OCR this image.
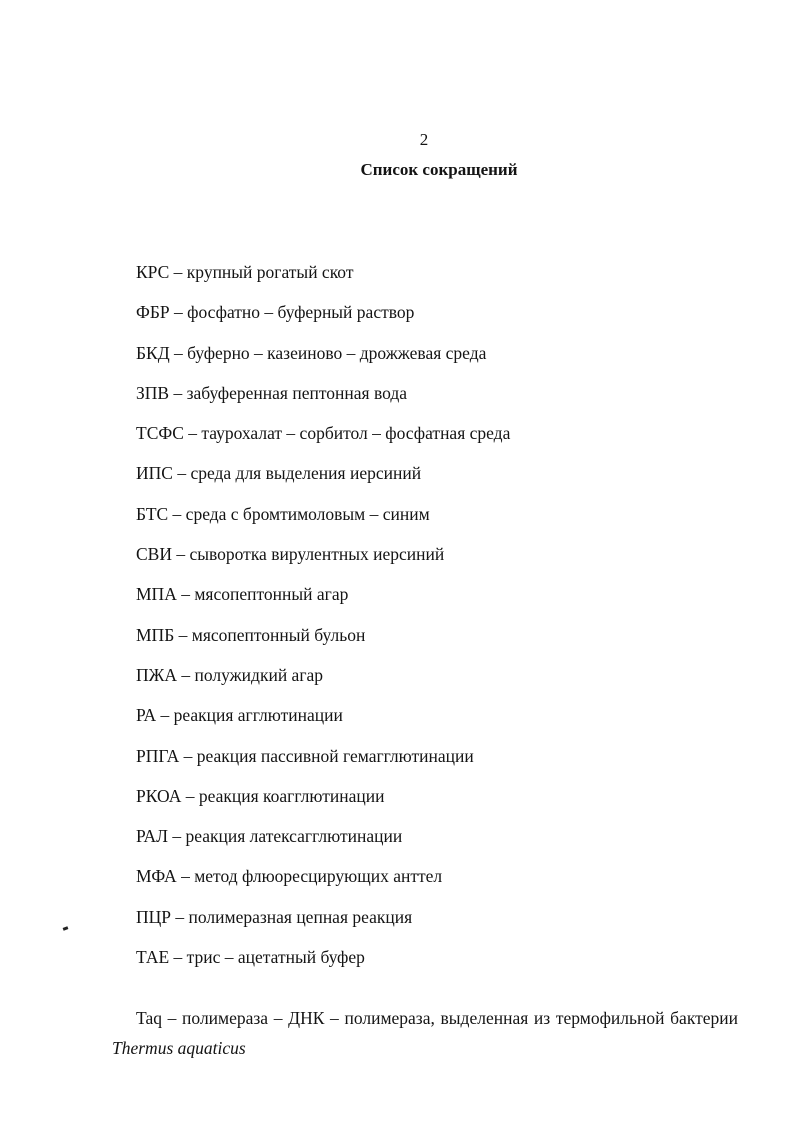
2
Список сокращений
КРС – крупный рогатый скот
ФБР – фосфатно – буферный раствор
БКД – буферно – казеиново – дрожжевая среда
ЗПВ – забуференная пептонная вода
ТСФС – таурохалат – сорбитол – фосфатная среда
ИПС – среда для выделения иерсиний
БТС – среда с бромтимоловым – синим
СВИ – сыворотка вирулентных иерсиний
МПА – мясопептонный агар
МПБ – мясопептонный бульон
ПЖА – полужидкий агар
РА – реакция агглютинации
РПГА – реакция пассивной гемагглютинации
РКОА – реакция коагглютинации
РАЛ – реакция латексагглютинации
МФА – метод флюоресцирующих анттел
ПЦР – полимеразная цепная реакция
ТАЕ – трис – ацетатный буфер

Taq – полимераза – ДНК – полимераза, выделенная из термофильной бактерии Thermus aquaticus
